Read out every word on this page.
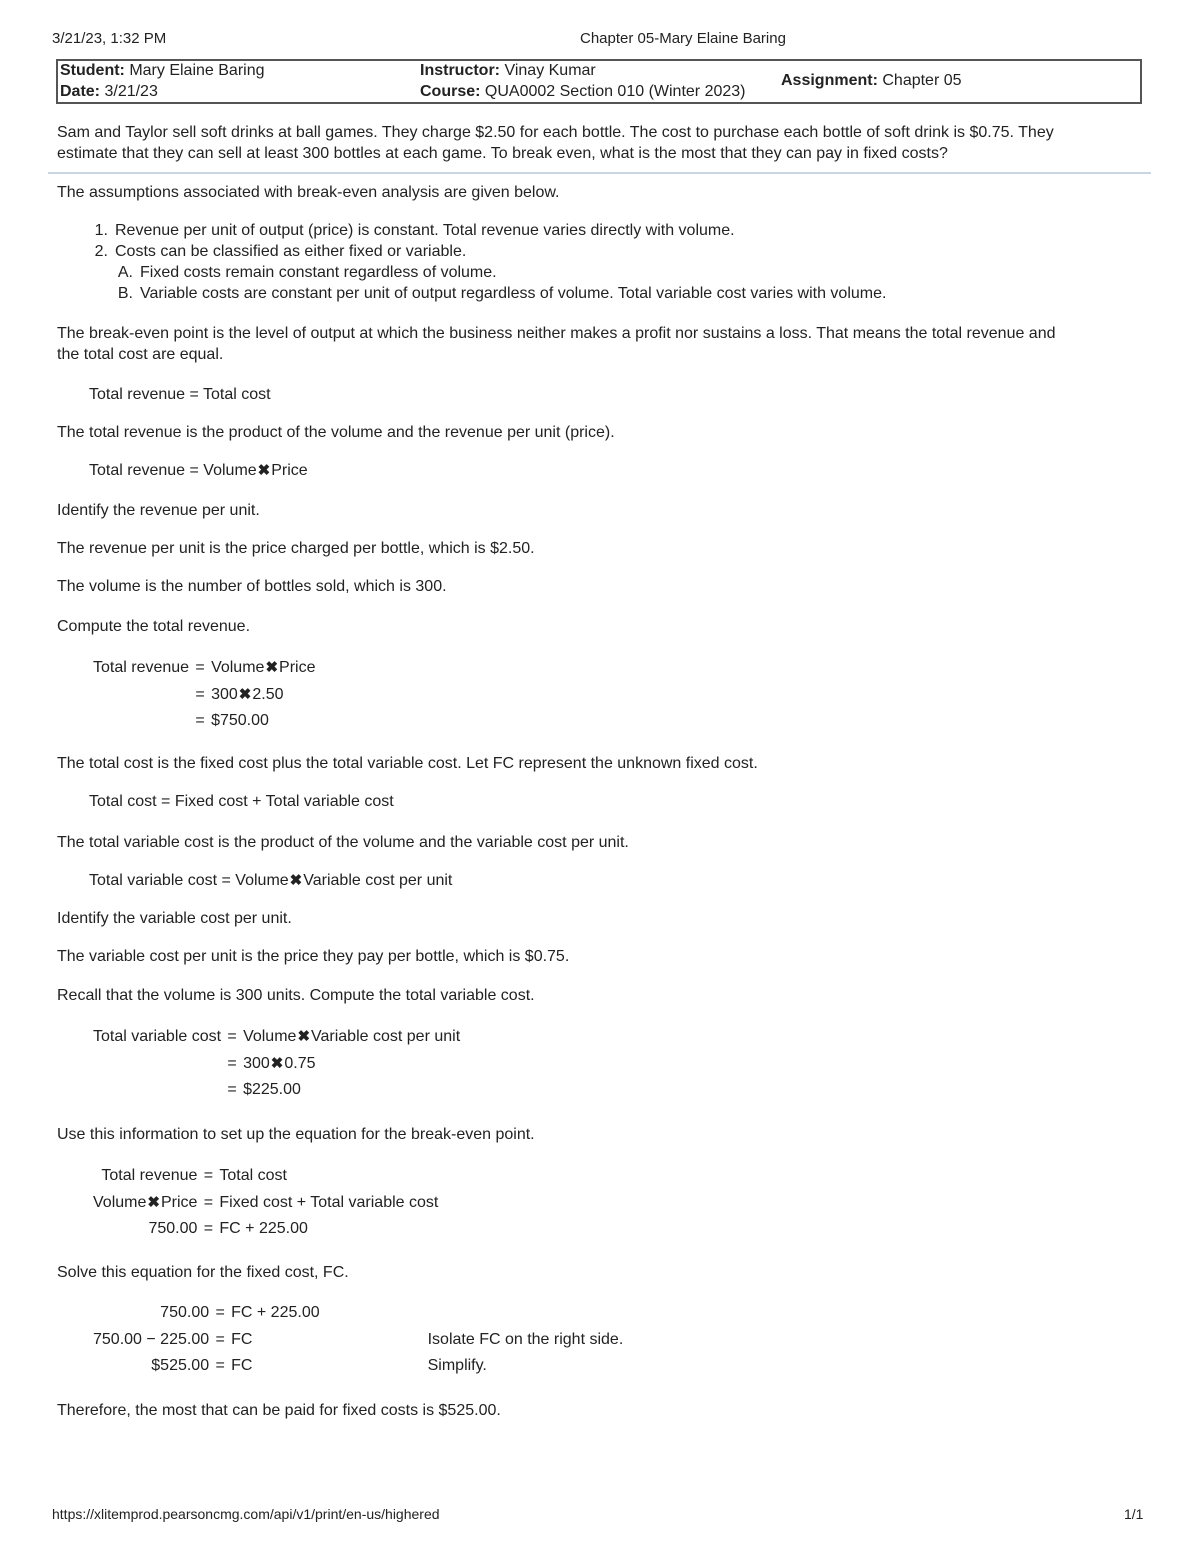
3/21/23, 1:32 PM	Chapter 05-Mary Elaine Baring
Student: Mary Elaine Baring
Date: 3/21/23
Instructor: Vinay Kumar
Course: QUA0002 Section 010 (Winter 2023)
Assignment: Chapter 05
Sam and Taylor sell soft drinks at ball games. They charge $2.50 for each bottle. The cost to purchase each bottle of soft drink is $0.75. They
estimate that they can sell at least 300 bottles at each game. To break even, what is the most that they can pay in fixed costs?
The assumptions associated with break-even analysis are given below.
1. Revenue per unit of output (price) is constant. Total revenue varies directly with volume.
2. Costs can be classified as either fixed or variable.
A. Fixed costs remain constant regardless of volume.
B. Variable costs are constant per unit of output regardless of volume. Total variable cost varies with volume.
The break-even point is the level of output at which the business neither makes a profit nor sustains a loss. That means the total revenue and
the total cost are equal.
Total revenue = Total cost
The total revenue is the product of the volume and the revenue per unit (price).
Total revenue = Volume✖Price
Identify the revenue per unit.
The revenue per unit is the price charged per bottle, which is $2.50.
The volume is the number of bottles sold, which is 300.
Compute the total revenue.
Total revenue = Volume✖Price
= 300✖2.50
= $750.00
The total cost is the fixed cost plus the total variable cost. Let FC represent the unknown fixed cost.
Total cost = Fixed cost + Total variable cost
The total variable cost is the product of the volume and the variable cost per unit.
Total variable cost = Volume✖Variable cost per unit
Identify the variable cost per unit.
The variable cost per unit is the price they pay per bottle, which is $0.75.
Recall that the volume is 300 units. Compute the total variable cost.
Total variable cost = Volume✖Variable cost per unit
= 300✖0.75
= $225.00
Use this information to set up the equation for the break-even point.
Total revenue = Total cost
Volume✖Price = Fixed cost + Total variable cost
750.00 = FC + 225.00
Solve this equation for the fixed cost, FC.
750.00 = FC + 225.00
750.00 − 225.00 = FC	Isolate FC on the right side.
$525.00 = FC	Simplify.
Therefore, the most that can be paid for fixed costs is $525.00.
https://xlitemprod.pearsoncmg.com/api/v1/print/en-us/highered	1/1
